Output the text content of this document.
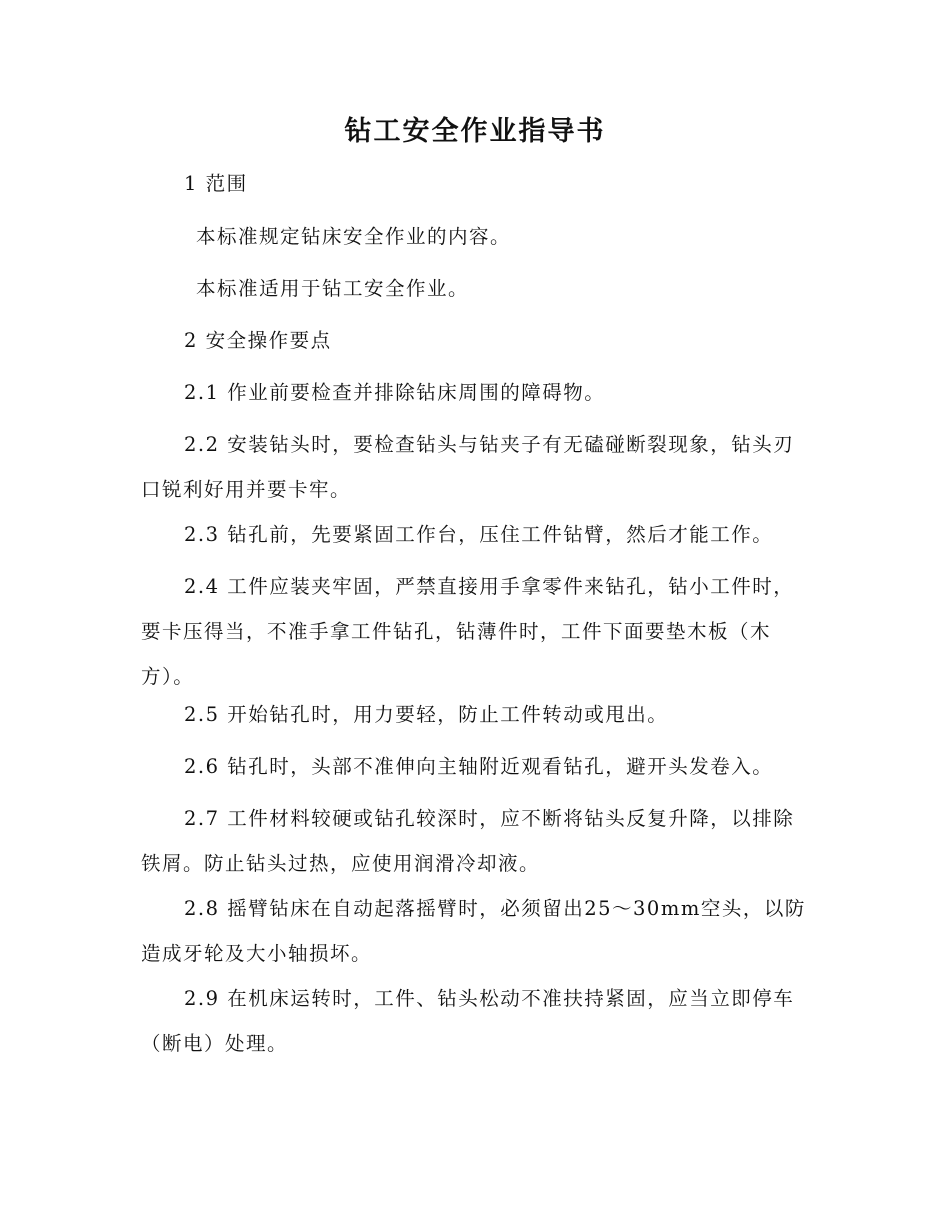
钻工安全作业指导书

1 范围

本标准规定钻床安全作业的内容。

本标准适用于钻工安全作业。

2 安全操作要点

2.1 作业前要检查并排除钻床周围的障碍物。

2.2 安装钻头时，要检查钻头与钻夹子有无磕碰断裂现象，钻头刃口锐利好用并要卡牢。

2.3 钻孔前，先要紧固工作台，压住工件钻臂，然后才能工作。

2.4 工件应装夹牢固，严禁直接用手拿零件来钻孔，钻小工件时，要卡压得当，不准手拿工件钻孔，钻薄件时，工件下面要垫木板（木方）。

2.5 开始钻孔时，用力要轻，防止工件转动或甩出。

2.6 钻孔时，头部不准伸向主轴附近观看钻孔，避开头发卷入。

2.7 工件材料较硬或钻孔较深时，应不断将钻头反复升降，以排除铁屑。防止钻头过热，应使用润滑冷却液。

2.8 摇臂钻床在自动起落摇臂时，必须留出25～30mm空头，以防造成牙轮及大小轴损坏。

2.9 在机床运转时，工件、钻头松动不准扶持紧固，应当立即停车（断电）处理。
